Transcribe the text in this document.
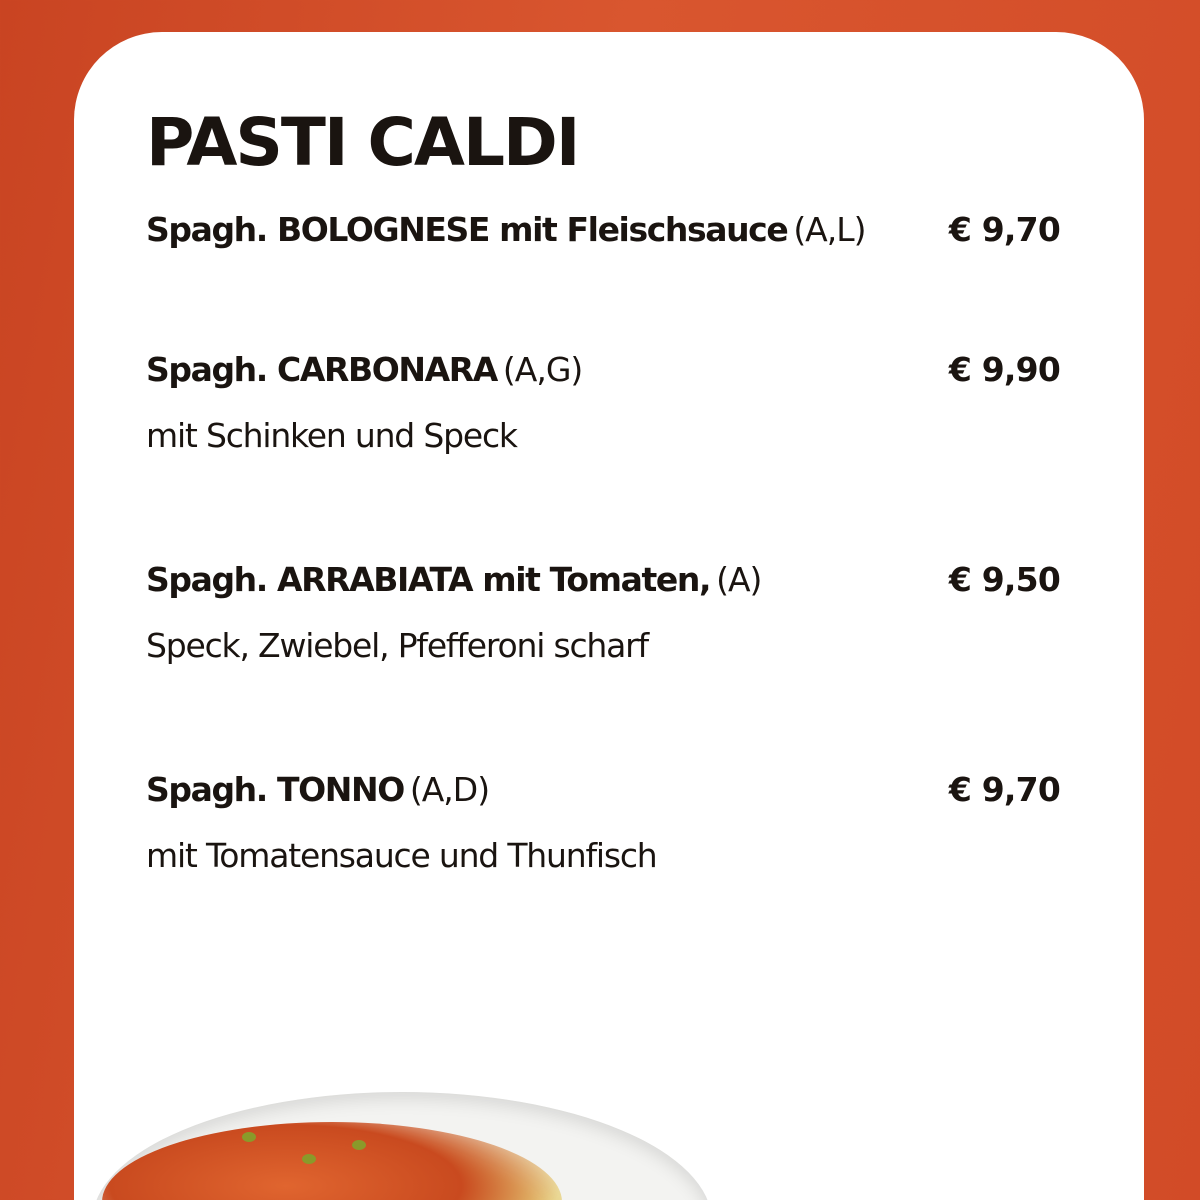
PASTI CALDI
Spagh. BOLOGNESE mit Fleischsauce (A,L)	€ 9,70
Spagh. CARBONARA (A,G)	€ 9,90
mit Schinken und Speck
Spagh. ARRABIATA mit Tomaten, (A)	€ 9,50
Speck, Zwiebel, Pfefferoni scharf
Spagh. TONNO (A,D)	€ 9,70
mit Tomatensauce und Thunfisch
